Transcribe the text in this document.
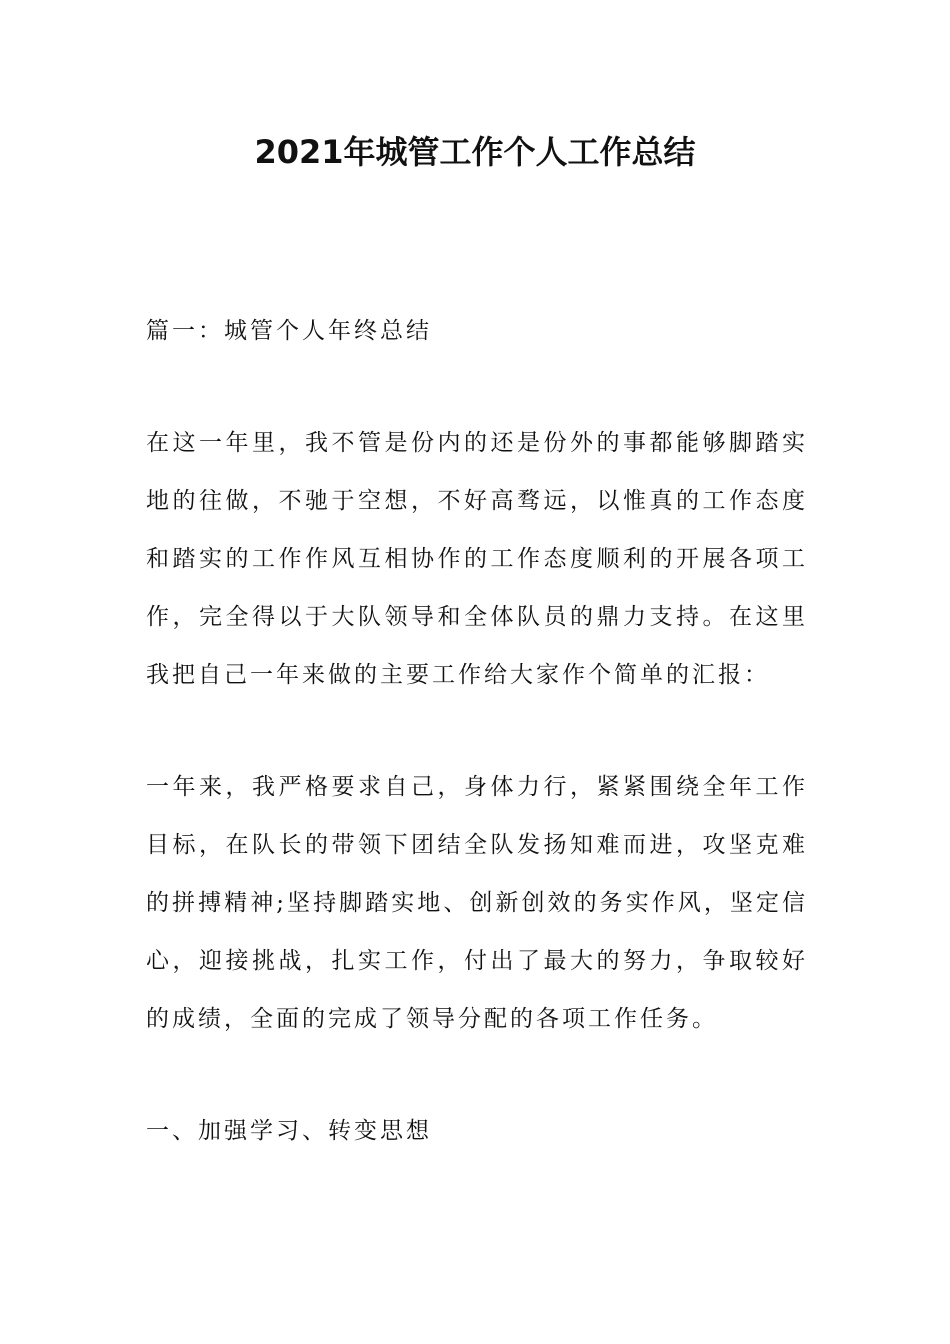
2021年城管工作个人工作总结

篇一：城管个人年终总结

在这一年里，我不管是份内的还是份外的事都能够脚踏实地的往做，不驰于空想，不好高骛远，以惟真的工作态度和踏实的工作作风互相协作的工作态度顺利的开展各项工作，完全得以于大队领导和全体队员的鼎力支持。在这里我把自己一年来做的主要工作给大家作个简单的汇报：

一年来，我严格要求自己，身体力行，紧紧围绕全年工作目标，在队长的带领下团结全队发扬知难而进，攻坚克难的拼搏精神;坚持脚踏实地、创新创效的务实作风，坚定信心，迎接挑战，扎实工作，付出了最大的努力，争取较好的成绩，全面的完成了领导分配的各项工作任务。

一、加强学习、转变思想
